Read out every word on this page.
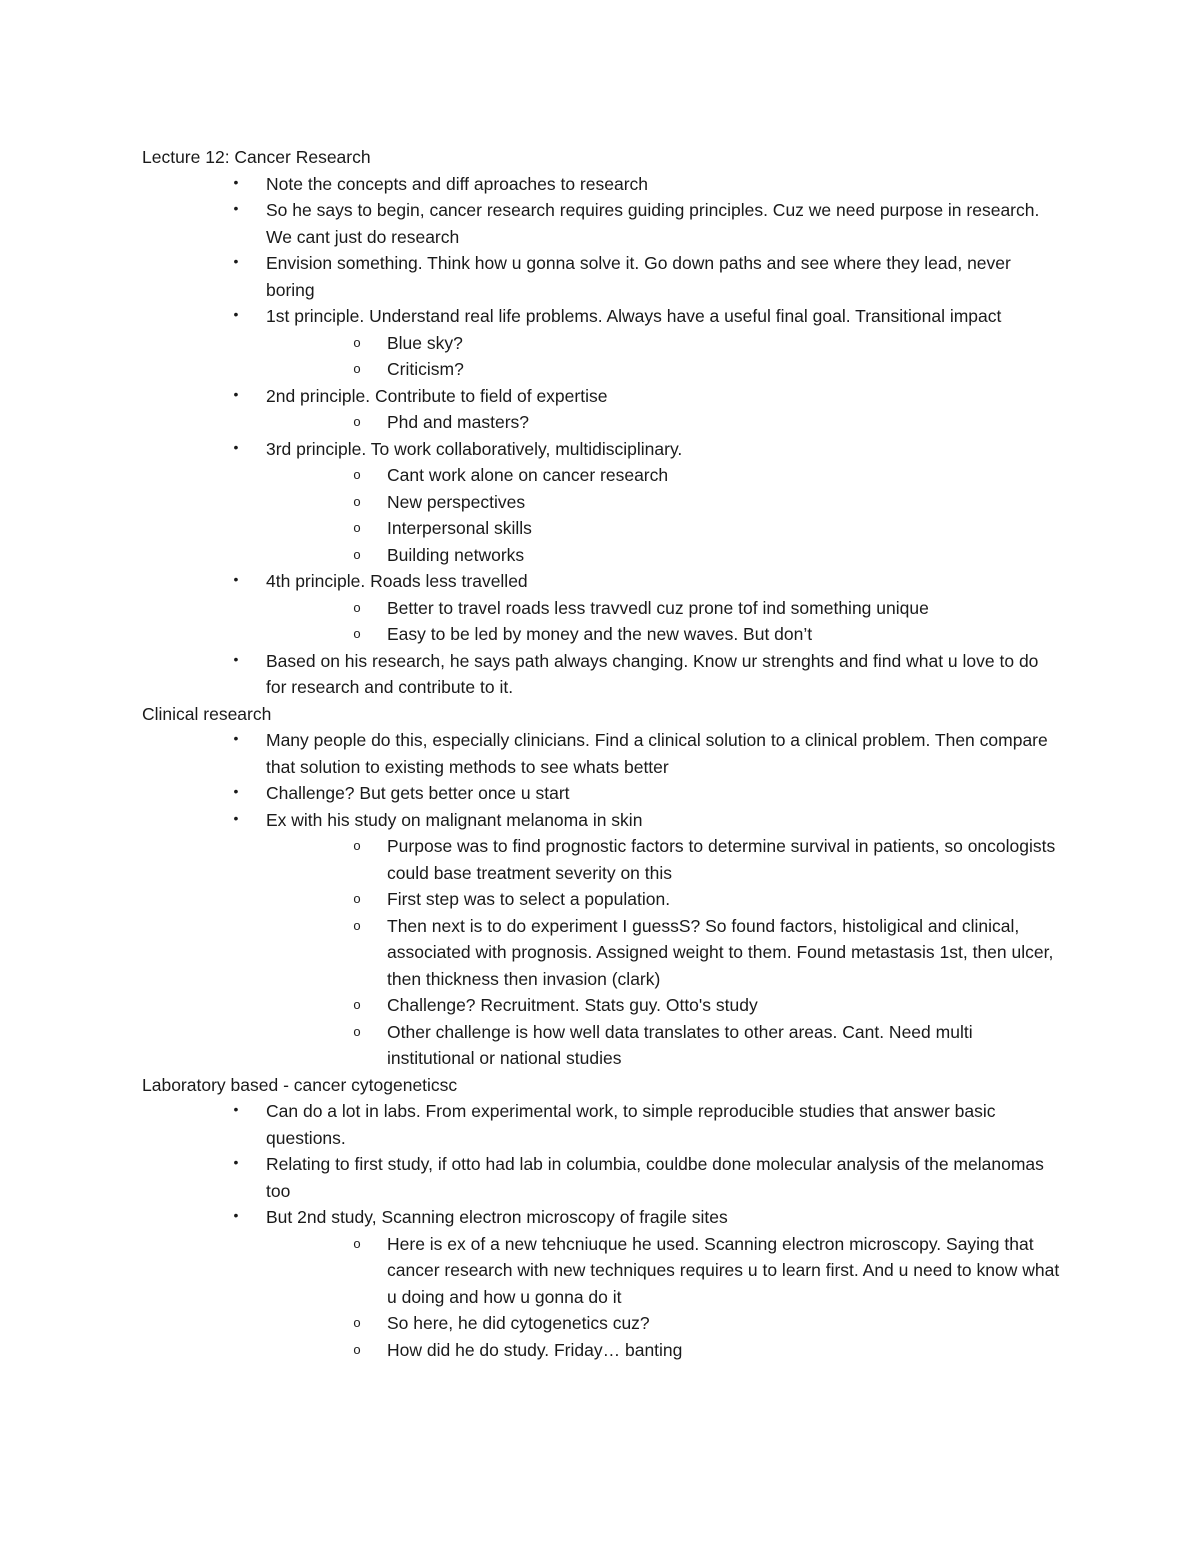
Lecture 12: Cancer Research

• Note the concepts and diff aproaches to research
• So he says to begin, cancer research requires guiding principles. Cuz we need purpose in research. We cant just do research
• Envision something. Think how u gonna solve it. Go down paths and see where they lead, never boring
• 1st principle. Understand real life problems. Always have a useful final goal. Transitional impact
o Blue sky?
o Criticism?
• 2nd principle. Contribute to field of expertise
o Phd and masters?
• 3rd principle. To work collaboratively, multidisciplinary.
o Cant work alone on cancer research
o New perspectives
o Interpersonal skills
o Building networks
• 4th principle. Roads less travelled
o Better to travel roads less travvedl cuz prone tof ind something unique
o Easy to be led by money and the new waves. But don’t
• Based on his research, he says path always changing. Know ur strenghts and find what u love to do for research and contribute to it.

Clinical research

• Many people do this, especially clinicians. Find a clinical solution to a clinical problem. Then compare that solution to existing methods to see whats better
• Challenge? But gets better once u start
• Ex with his study on malignant melanoma in skin
o Purpose was to find prognostic factors to determine survival in patients, so oncologists could base treatment severity on this
o First step was to select a population.
o Then next is to do experiment I guessS? So found factors, histoligical and clinical, associated with prognosis. Assigned weight to them. Found metastasis 1st, then ulcer, then thickness then invasion (clark)
o Challenge? Recruitment. Stats guy. Otto's study
o Other challenge is how well data translates to other areas. Cant. Need multi institutional or national studies

Laboratory based - cancer cytogeneticsc

• Can do a lot in labs. From experimental work, to simple reproducible studies that answer basic questions.
• Relating to first study, if otto had lab in columbia, couldbe done molecular analysis of the melanomas too
• But 2nd study, Scanning electron microscopy of fragile sites
o Here is ex of a new tehcniuque he used. Scanning electron microscopy. Saying that cancer research with new techniques requires u to learn first. And u need to know what u doing and how u gonna do it
o So here, he did cytogenetics cuz?
o How did he do study. Friday… banting
